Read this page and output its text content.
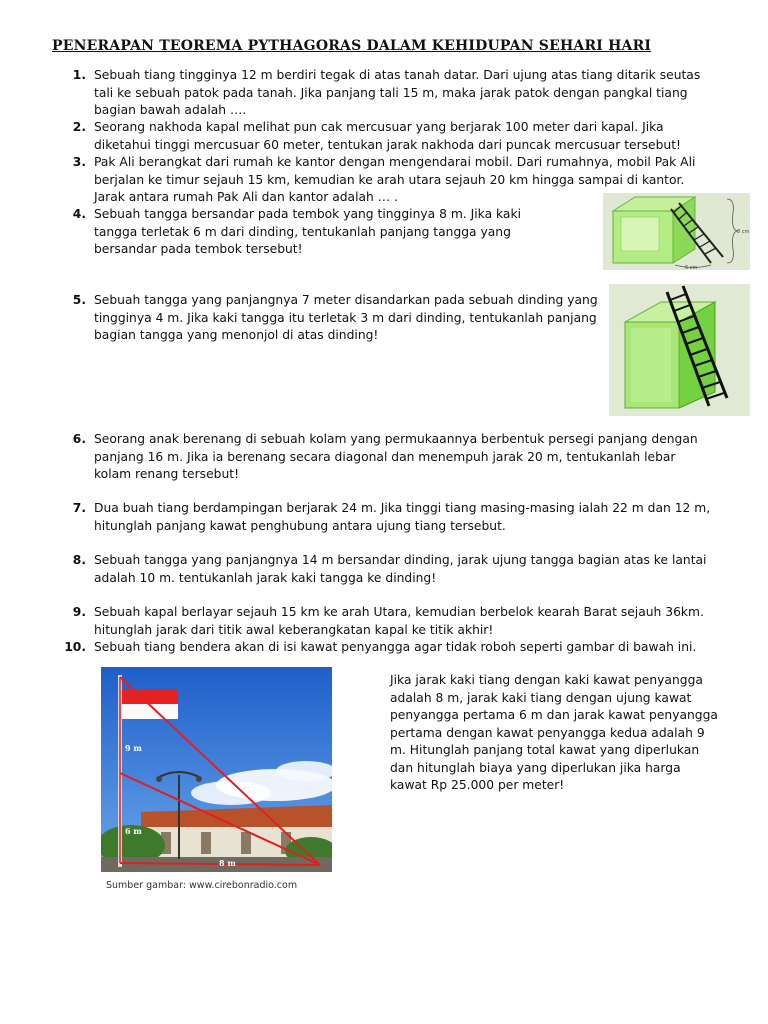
PENERAPAN TEOREMA PYTHAGORAS DALAM KEHIDUPAN SEHARI HARI
1. Sebuah tiang tingginya 12 m berdiri tegak di atas tanah datar. Dari ujung atas tiang ditarik seutas tali ke sebuah patok pada tanah. Jika panjang tali 15 m, maka jarak patok dengan pangkal tiang bagian bawah adalah ….
2. Seorang nakhoda kapal melihat pun cak mercusuar yang berjarak 100 meter dari kapal. Jika diketahui tinggi mercusuar 60 meter, tentukan jarak nakhoda dari puncak mercusuar tersebut!
3. Pak Ali berangkat dari rumah ke kantor dengan mengendarai mobil. Dari rumahnya, mobil Pak Ali berjalan ke timur sejauh 15 km, kemudian ke arah utara sejauh 20 km hingga sampai di kantor. Jarak antara rumah Pak Ali dan kantor adalah … .
4. Sebuah tangga bersandar pada tembok yang tingginya 8 m. Jika kaki tangga terletak 6 m dari dinding, tentukanlah panjang tangga yang bersandar pada tembok tersebut!
5. Sebuah tangga yang panjangnya 7 meter disandarkan pada sebuah dinding yang tingginya 4 m. Jika kaki tangga itu terletak 3 m dari dinding, tentukanlah panjang bagian tangga yang menonjol di atas dinding!
6. Seorang anak berenang di sebuah kolam yang permukaannya berbentuk persegi panjang dengan panjang 16 m. Jika ia berenang secara diagonal dan menempuh jarak 20 m, tentukanlah lebar kolam renang tersebut!
7. Dua buah tiang berdampingan berjarak 24 m. Jika tinggi tiang masing-masing ialah 22 m dan 12 m, hitunglah panjang kawat penghubung antara ujung tiang tersebut.
8. Sebuah tangga yang panjangnya 14 m bersandar dinding, jarak ujung tangga bagian atas ke lantai adalah 10 m. tentukanlah jarak kaki tangga ke dinding!
9. Sebuah kapal berlayar sejauh 15 km ke arah Utara, kemudian berbelok kearah Barat sejauh 36km. hitunglah jarak dari titik awal keberangkatan kapal ke titik akhir!
10. Sebuah tiang bendera akan di isi kawat penyangga agar tidak roboh seperti gambar di bawah ini.
8 cm
6 cm
9 m
6 m
8 m
Sumber gambar: www.cirebonradio.com
Jika jarak kaki tiang dengan kaki kawat penyangga adalah 8 m, jarak kaki tiang dengan ujung kawat penyangga pertama 6 m dan jarak kawat penyangga pertama dengan kawat penyangga kedua adalah 9 m. Hitunglah panjang total kawat yang diperlukan dan hitunglah biaya yang diperlukan jika harga kawat Rp 25.000 per meter!
